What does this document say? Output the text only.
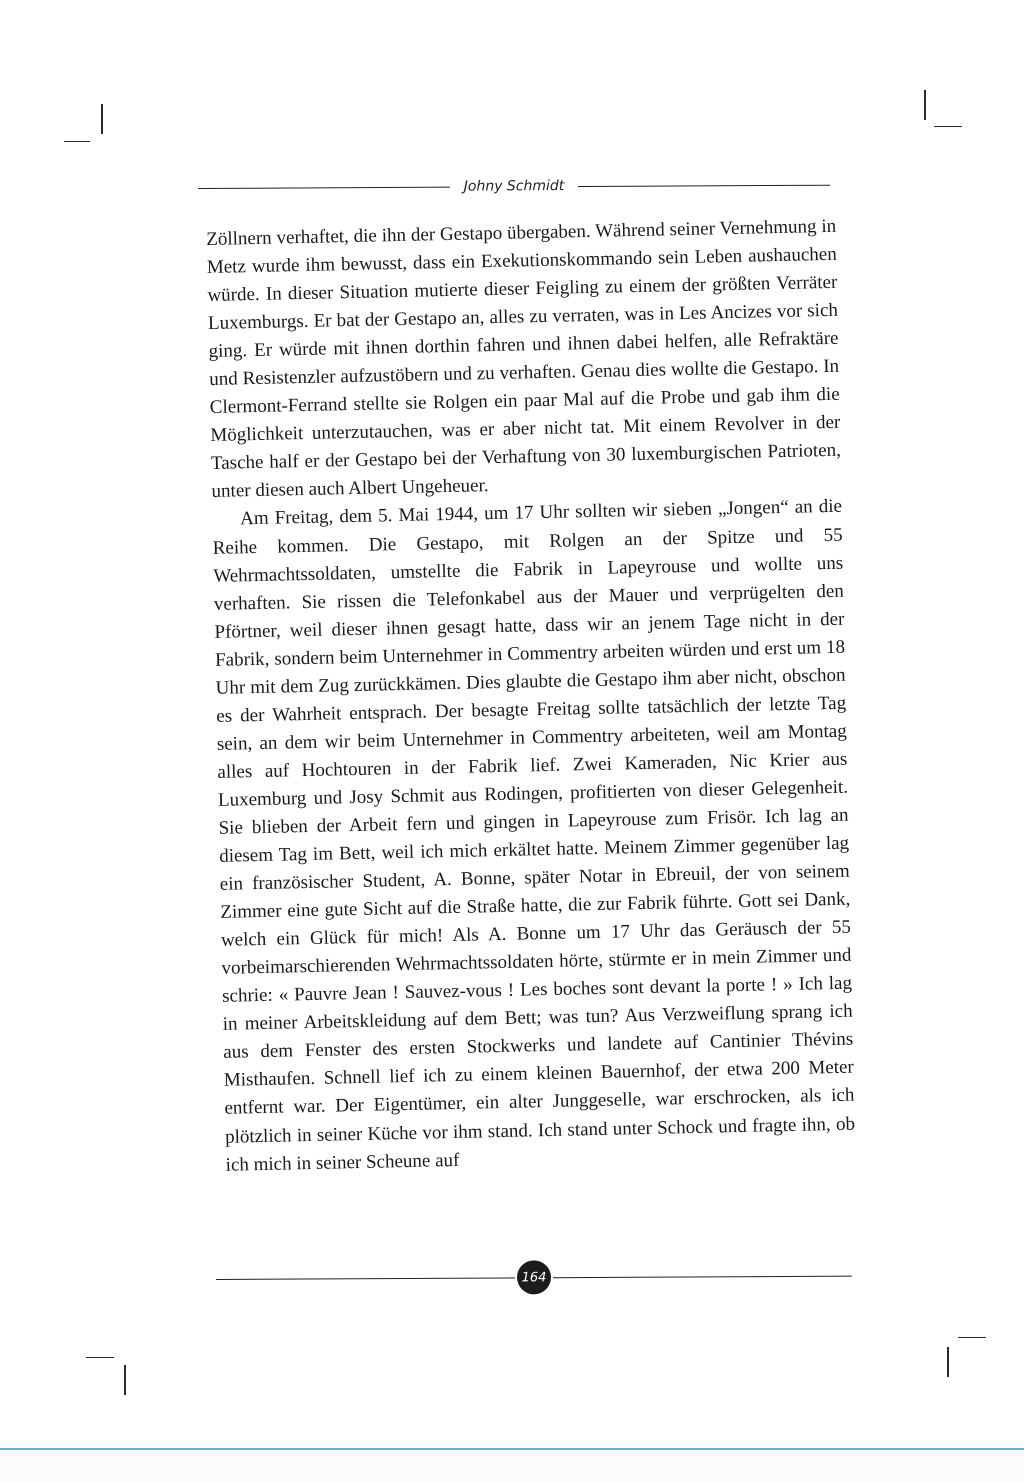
Johny Schmidt

Zöllnern verhaftet, die ihn der Gestapo übergaben. Während seiner Vernehmung in Metz wurde ihm bewusst, dass ein Exekutionskommando sein Leben aushauchen würde. In dieser Situation mutierte dieser Feigling zu einem der größten Verräter Luxemburgs. Er bat der Gestapo an, alles zu verraten, was in Les Ancizes vor sich ging. Er würde mit ihnen dorthin fahren und ihnen dabei helfen, alle Refraktäre und Resistenzler aufzustöbern und zu verhaften. Genau dies wollte die Gestapo. In Clermont-Ferrand stellte sie Rolgen ein paar Mal auf die Probe und gab ihm die Möglichkeit unterzutauchen, was er aber nicht tat. Mit einem Revolver in der Tasche half er der Gestapo bei der Verhaftung von 30 luxemburgischen Patrioten, unter diesen auch Albert Ungeheuer.

Am Freitag, dem 5. Mai 1944, um 17 Uhr sollten wir sieben „Jongen“ an die Reihe kommen. Die Gestapo, mit Rolgen an der Spitze und 55 Wehrmachtssoldaten, umstellte die Fabrik in Lapeyrouse und wollte uns verhaften. Sie rissen die Telefonkabel aus der Mauer und verprügelten den Pförtner, weil dieser ihnen gesagt hatte, dass wir an jenem Tage nicht in der Fabrik, sondern beim Unternehmer in Commentry arbeiten würden und erst um 18 Uhr mit dem Zug zurückkämen. Dies glaubte die Gestapo ihm aber nicht, obschon es der Wahrheit entsprach. Der besagte Freitag sollte tatsächlich der letzte Tag sein, an dem wir beim Unternehmer in Commentry arbeiteten, weil am Montag alles auf Hochtouren in der Fabrik lief. Zwei Kameraden, Nic Krier aus Luxemburg und Josy Schmit aus Rodingen, profitierten von dieser Gelegenheit. Sie blieben der Arbeit fern und gingen in Lapeyrouse zum Frisör. Ich lag an diesem Tag im Bett, weil ich mich erkältet hatte. Meinem Zimmer gegenüber lag ein französischer Student, A. Bonne, später Notar in Ebreuil, der von seinem Zimmer eine gute Sicht auf die Straße hatte, die zur Fabrik führte. Gott sei Dank, welch ein Glück für mich! Als A. Bonne um 17 Uhr das Geräusch der 55 vorbeimarschierenden Wehrmachtssoldaten hörte, stürmte er in mein Zimmer und schrie: « Pauvre Jean ! Sauvez-vous ! Les boches sont devant la porte ! » Ich lag in meiner Arbeitskleidung auf dem Bett; was tun? Aus Verzweiflung sprang ich aus dem Fenster des ersten Stockwerks und landete auf Cantinier Thévins Misthaufen. Schnell lief ich zu einem kleinen Bauernhof, der etwa 200 Meter entfernt war. Der Eigentümer, ein alter Junggeselle, war erschrocken, als ich plötzlich in seiner Küche vor ihm stand. Ich stand unter Schock und fragte ihn, ob ich mich in seiner Scheune auf

164
